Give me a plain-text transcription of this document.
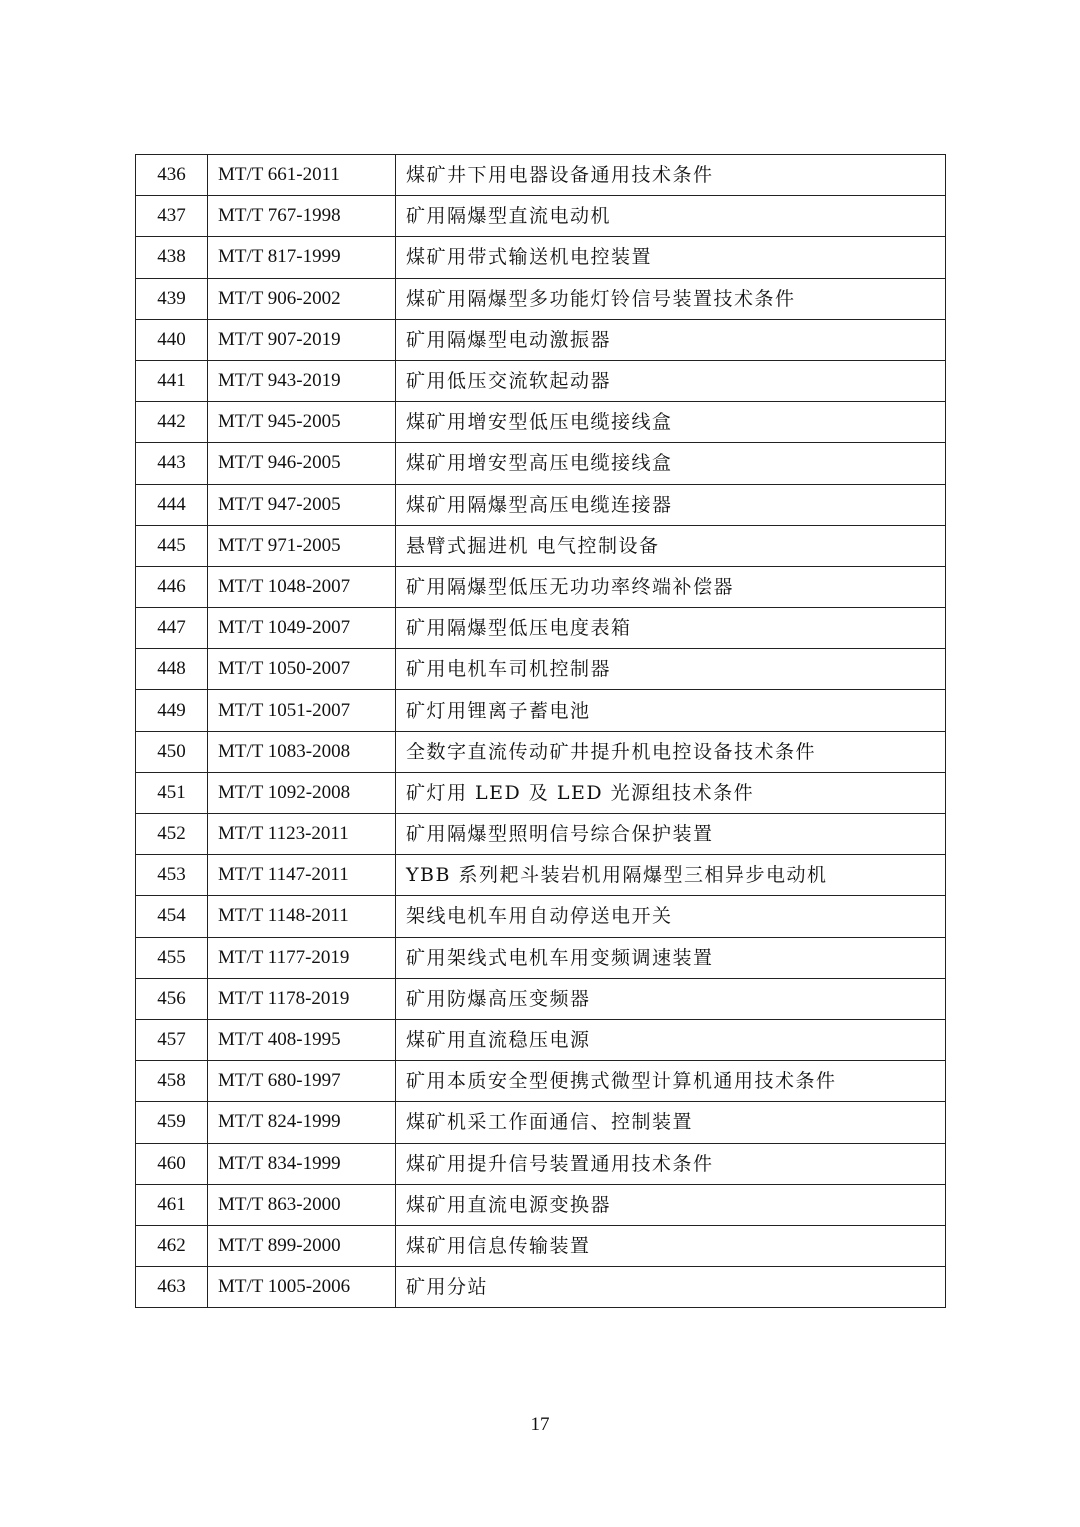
436	MT/T 661-2011	煤矿井下用电器设备通用技术条件
437	MT/T 767-1998	矿用隔爆型直流电动机
438	MT/T 817-1999	煤矿用带式输送机电控装置
439	MT/T 906-2002	煤矿用隔爆型多功能灯铃信号装置技术条件
440	MT/T 907-2019	矿用隔爆型电动激振器
441	MT/T 943-2019	矿用低压交流软起动器
442	MT/T 945-2005	煤矿用增安型低压电缆接线盒
443	MT/T 946-2005	煤矿用增安型高压电缆接线盒
444	MT/T 947-2005	煤矿用隔爆型高压电缆连接器
445	MT/T 971-2005	悬臂式掘进机 电气控制设备
446	MT/T 1048-2007	矿用隔爆型低压无功功率终端补偿器
447	MT/T 1049-2007	矿用隔爆型低压电度表箱
448	MT/T 1050-2007	矿用电机车司机控制器
449	MT/T 1051-2007	矿灯用锂离子蓄电池
450	MT/T 1083-2008	全数字直流传动矿井提升机电控设备技术条件
451	MT/T 1092-2008	矿灯用 LED 及 LED 光源组技术条件
452	MT/T 1123-2011	矿用隔爆型照明信号综合保护装置
453	MT/T 1147-2011	YBB 系列耙斗装岩机用隔爆型三相异步电动机
454	MT/T 1148-2011	架线电机车用自动停送电开关
455	MT/T 1177-2019	矿用架线式电机车用变频调速装置
456	MT/T 1178-2019	矿用防爆高压变频器
457	MT/T 408-1995	煤矿用直流稳压电源
458	MT/T 680-1997	矿用本质安全型便携式微型计算机通用技术条件
459	MT/T 824-1999	煤矿机采工作面通信、控制装置
460	MT/T 834-1999	煤矿用提升信号装置通用技术条件
461	MT/T 863-2000	煤矿用直流电源变换器
462	MT/T 899-2000	煤矿用信息传输装置
463	MT/T 1005-2006	矿用分站
17
